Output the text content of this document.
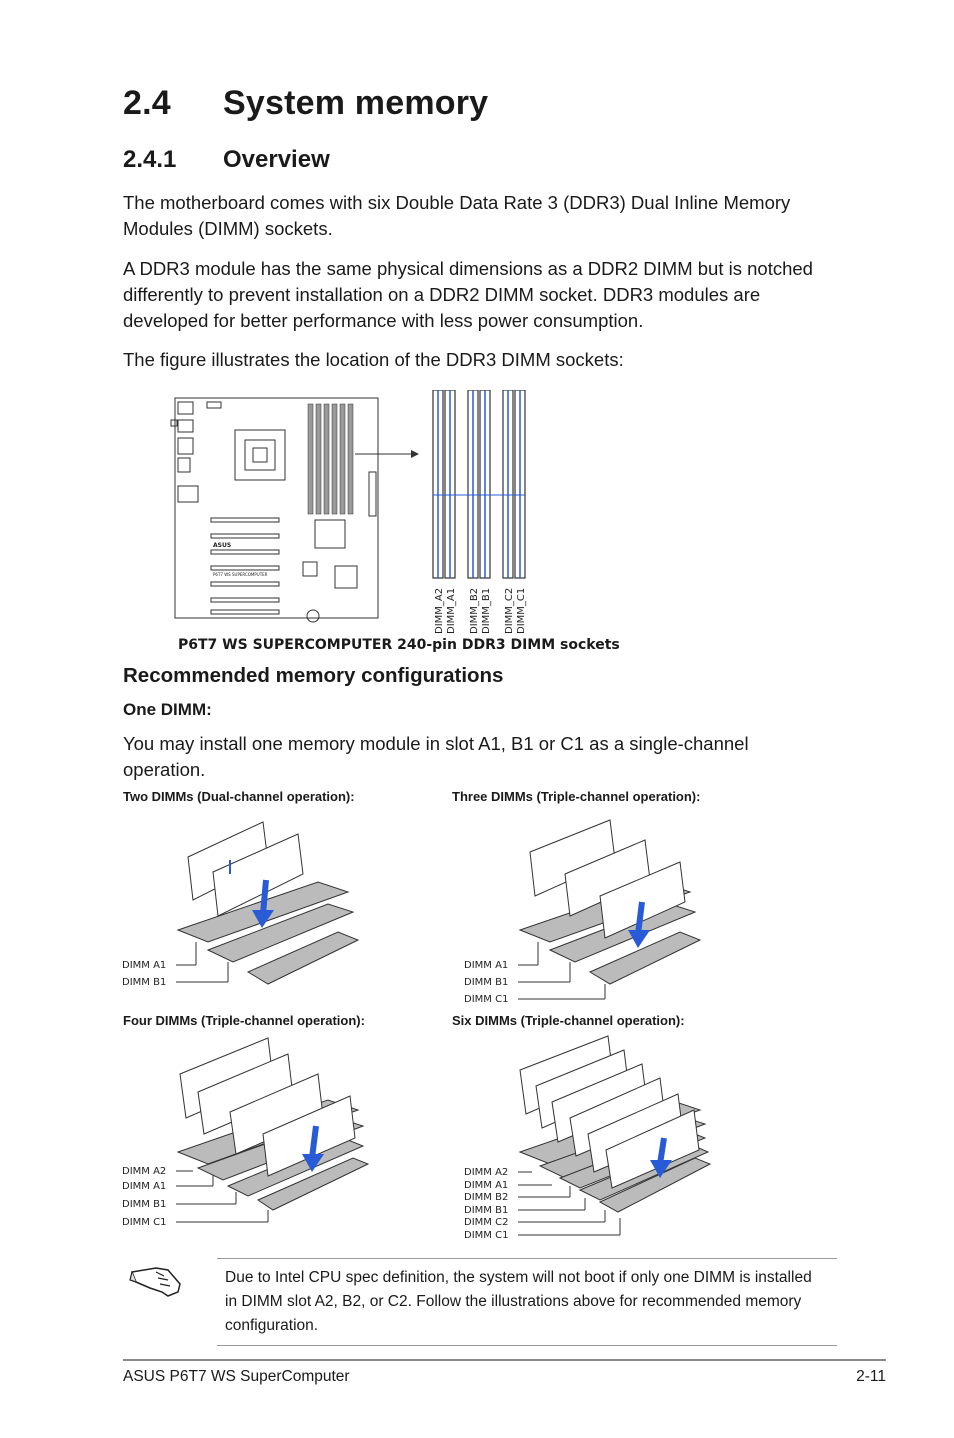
2.4 System memory
2.4.1 Overview

The motherboard comes with six Double Data Rate 3 (DDR3) Dual Inline Memory Modules (DIMM) sockets.

A DDR3 module has the same physical dimensions as a DDR2 DIMM but is notched differently to prevent installation on a DDR2 DIMM socket. DDR3 modules are developed for better performance with less power consumption.

The figure illustrates the location of the DDR3 DIMM sockets:

ASUS
P6T7 WS SUPERCOMPUTER
DIMM_A2 DIMM_A1 DIMM_B2 DIMM_B1 DIMM_C2 DIMM_C1
P6T7 WS SUPERCOMPUTER 240-pin DDR3 DIMM sockets
Recommended memory configurations
One DIMM:

You may install one memory module in slot A1, B1 or C1 as a single-channel operation.

Two DIMMs (Dual-channel operation):	Three DIMMs (Triple-channel operation):
Four DIMMs (Triple-channel operation):	Six DIMMs (Triple-channel operation):
DIMM A1
DIMM B1
DIMM A1
DIMM B1
DIMM C1
DIMM A2
DIMM A1
DIMM B1
DIMM C1
DIMM A2
DIMM A1
DIMM B2
DIMM B1
DIMM C2
DIMM C1
Due to Intel CPU spec definition, the system will not boot if only one DIMM is installed in DIMM slot A2, B2, or C2. Follow the illustrations above for recommended memory configuration.
ASUS P6T7 WS SuperComputer	2-11
